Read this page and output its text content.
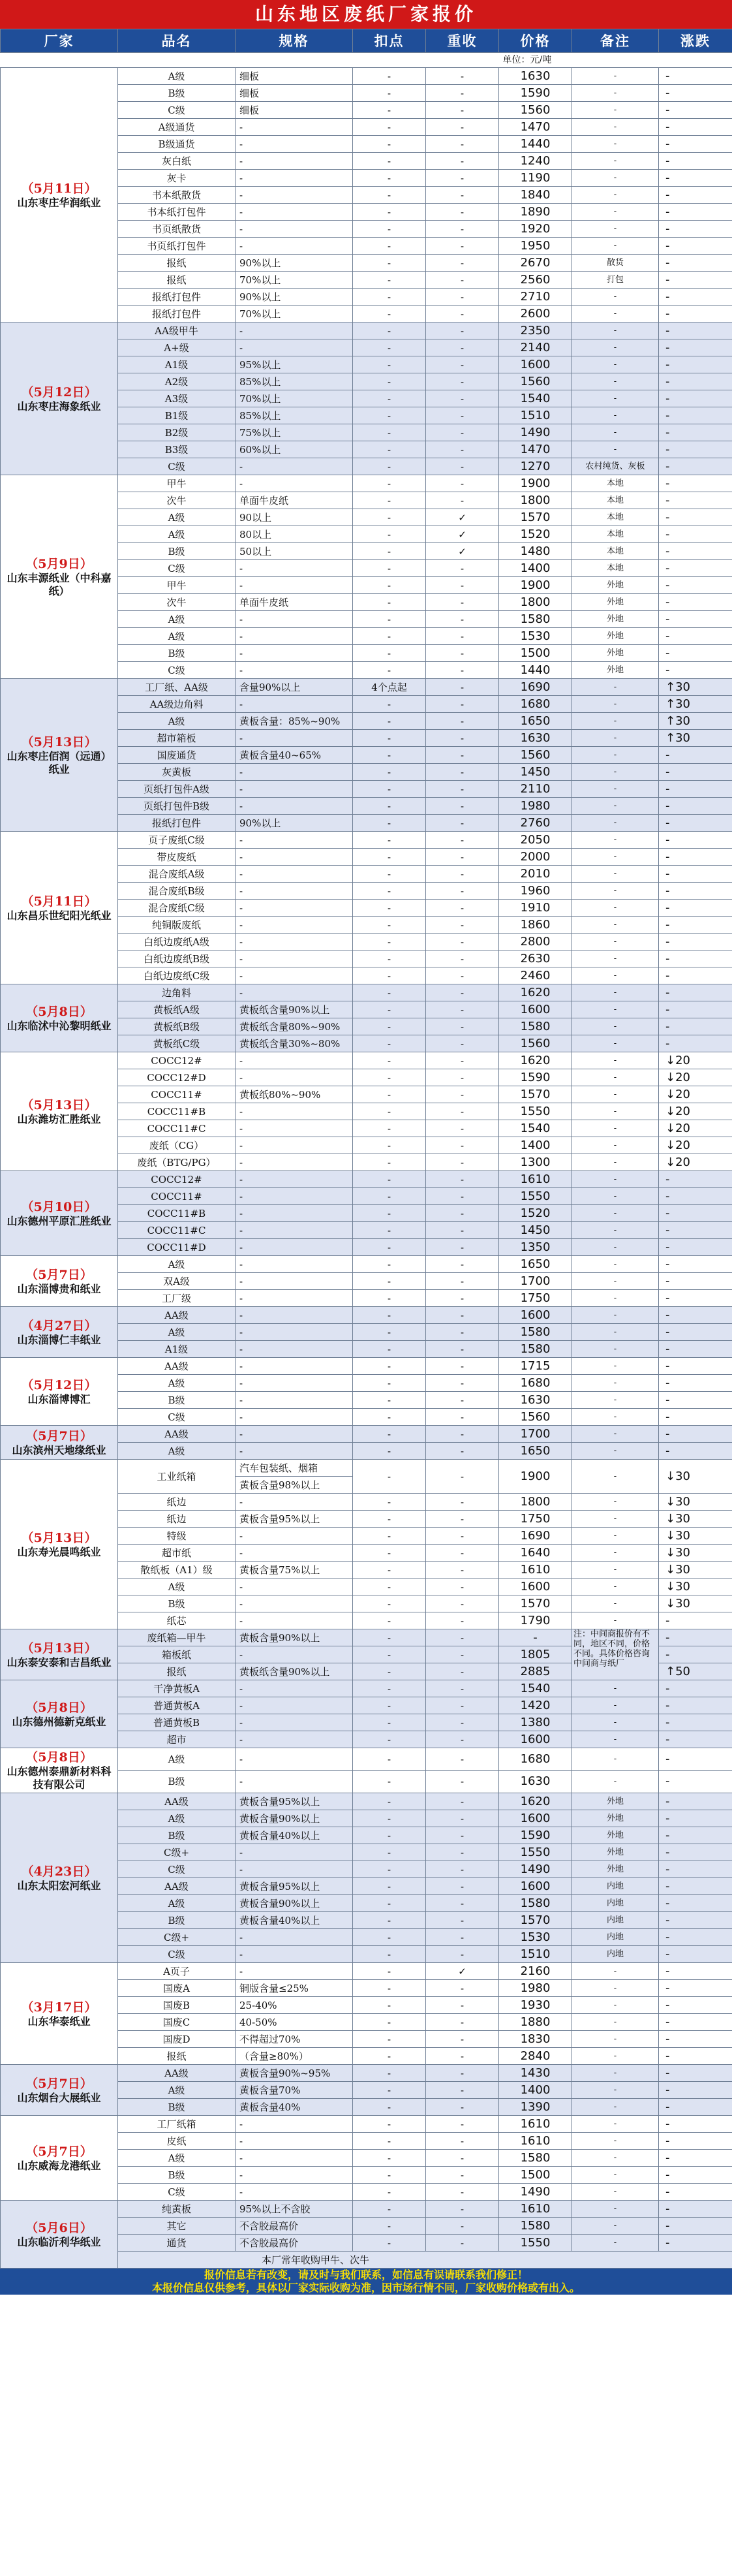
山东地区废纸厂家报价
厂家	品名	规格	扣点	重收	价格	备注	涨跌
					单位：元/吨		

（5月11日）
山东枣庄华润纸业	A级	细板	-	-	1630	-	-
	B级	细板	-	-	1590	-	-
	C级	细板	-	-	1560	-	-
	A级通货	-	-	-	1470	-	-
	B级通货	-	-	-	1440	-	-
	灰白纸	-	-	-	1240	-	-
	灰卡	-	-	-	1190	-	-
	书本纸散货	-	-	-	1840	-	-
	书本纸打包件	-	-	-	1890	-	-
	书页纸散货	-	-	-	1920	-	-
	书页纸打包件	-	-	-	1950	-	-
	报纸	90%以上	-	-	2670	散货	-
	报纸	70%以上	-	-	2560	打包	-
	报纸打包件	90%以上	-	-	2710	-	-
	报纸打包件	70%以上	-	-	2600	-	-

（5月12日）
山东枣庄海象纸业	AA级甲牛	-	-	-	2350	-	-
	A+级	-	-	-	2140	-	-
	A1级	95%以上	-	-	1600	-	-
	A2级	85%以上	-	-	1560	-	-
	A3级	70%以上	-	-	1540	-	-
	B1级	85%以上	-	-	1510	-	-
	B2级	75%以上	-	-	1490	-	-
	B3级	60%以上	-	-	1470	-	-
	C级	-	-	-	1270	农村纯货、灰板	-

（5月9日）
山东丰源纸业（中科嘉纸）	甲牛	-	-	-	1900	本地	-
	次牛	单面牛皮纸	-	-	1800	本地	-
	A级	90以上	-	✓	1570	本地	-
	A级	80以上	-	✓	1520	本地	-
	B级	50以上	-	✓	1480	本地	-
	C级	-	-	-	1400	本地	-
	甲牛	-	-	-	1900	外地	-
	次牛	单面牛皮纸	-	-	1800	外地	-
	A级	-	-	-	1580	外地	-
	A级	-	-	-	1530	外地	-
	B级	-	-	-	1500	外地	-
	C级	-	-	-	1440	外地	-

（5月13日）
山东枣庄佰润（远通）纸业	工厂纸、AA级	含量90%以上	4个点起	-	1690	-	↑30
	AA级边角料	-	-	-	1680	-	↑30
	A级	黄板含量：85%~90%	-	-	1650	-	↑30
	超市箱板	-	-	-	1630	-	↑30
	国废通货	黄板含量40~65%	-	-	1560	-	-
	灰黄板	-	-	-	1450	-	-
	页纸打包件A级	-	-	-	2110	-	-
	页纸打包件B级	-	-	-	1980	-	-
	报纸打包件	90%以上	-	-	2760	-	-

（5月11日）
山东昌乐世纪阳光纸业	页子废纸C级	-	-	-	2050	-	-
	带皮废纸	-	-	-	2000	-	-
	混合废纸A级	-	-	-	2010	-	-
	混合废纸B级	-	-	-	1960	-	-
	混合废纸C级	-	-	-	1910	-	-
	纯铜版废纸	-	-	-	1860	-	-
	白纸边废纸A级	-	-	-	2800	-	-
	白纸边废纸B级	-	-	-	2630	-	-
	白纸边废纸C级	-	-	-	2460	-	-

（5月8日）
山东临沭中沁黎明纸业	边角料	-	-	-	1620	-	-
	黄板纸A级	黄板纸含量90%以上	-	-	1600	-	-
	黄板纸B级	黄板纸含量80%~90%	-	-	1580	-	-
	黄板纸C级	黄板纸含量30%~80%	-	-	1560	-	-

（5月13日）
山东潍坊汇胜纸业	COCC12#	-	-	-	1620	-	↓20
	COCC12#D	-	-	-	1590	-	↓20
	COCC11#	黄板纸80%~90%	-	-	1570	-	↓20
	COCC11#B	-	-	-	1550	-	↓20
	COCC11#C	-	-	-	1540	-	↓20
	废纸（CG）	-	-	-	1400	-	↓20
	废纸（BTG/PG）	-	-	-	1300	-	↓20

（5月10日）
山东德州平原汇胜纸业	COCC12#	-	-	-	1610	-	-
	COCC11#	-	-	-	1550	-	-
	COCC11#B	-	-	-	1520	-	-
	COCC11#C	-	-	-	1450	-	-
	COCC11#D	-	-	-	1350	-	-

（5月7日）
山东淄博贵和纸业	A级	-	-	-	1650	-	-
	双A级	-	-	-	1700	-	-
	工厂级	-	-	-	1750	-	-

（4月27日）
山东淄博仁丰纸业	AA级	-	-	-	1600	-	-
	A级	-	-	-	1580	-	-
	A1级	-	-	-	1580	-	-

（5月12日）
山东淄博博汇	AA级	-	-	-	1715	-	-
	A级	-	-	-	1680	-	-
	B级	-	-	-	1630	-	-
	C级	-	-	-	1560	-	-

（5月7日）
山东滨州天地缘纸业	AA级	-	-	-	1700	-	-
	A级	-	-	-	1650	-	-

（5月13日）
山东寿光晨鸣纸业	工业纸箱	汽车包装纸、烟箱	-	-	1900	-	↓30
		黄板含量98%以上					
	纸边	-	-	-	1800	-	↓30
	纸边	黄板含量95%以上	-	-	1750	-	↓30
	特级	-	-	-	1690	-	↓30
	超市纸	-	-	-	1640	-	↓30
	散纸板（A1）级	黄板含量75%以上	-	-	1610	-	↓30
	A级	-	-	-	1600	-	↓30
	B级	-	-	-	1570	-	↓30
	纸芯	-	-	-	1790	-	-

（5月13日）
山东泰安泰和吉昌纸业	废纸箱—甲牛	黄板含量90%以上	-	-	-	注：中间商报价有不同，地区不同，价格不同。具体价格咨询中间商与纸厂	-
	箱板纸	-	-	-	1805		-
	报纸	黄板纸含量90%以上	-	-	2885		↑50

（5月8日）
山东德州德新克纸业	干净黄板A	-	-	-	1540	-	-
	普通黄板A	-	-	-	1420	-	-
	普通黄板B	-	-	-	1380	-	-
	超市	-	-	-	1600	-	-

（5月8日）
山东德州泰鼎新材料科技有限公司	A级	-	-	-	1680	-	-
	B级	-	-	-	1630	-	-

（4月23日）
山东太阳宏河纸业	AA级	黄板含量95%以上	-	-	1620	外地	-
	A级	黄板含量90%以上	-	-	1600	外地	-
	B级	黄板含量40%以上	-	-	1590	外地	-
	C级+	-	-	-	1550	外地	-
	C级	-	-	-	1490	外地	-
	AA级	黄板含量95%以上	-	-	1600	内地	-
	A级	黄板含量90%以上	-	-	1580	内地	-
	B级	黄板含量40%以上	-	-	1570	内地	-
	C级+	-	-	-	1530	内地	-
	C级	-	-	-	1510	内地	-

（3月17日）
山东华泰纸业	A页子	-	-	✓	2160	-	-
	国废A	铜版含量≤25%	-	-	1980	-	-
	国废B	25-40%	-	-	1930	-	-
	国废C	40-50%	-	-	1880	-	-
	国废D	不得超过70%	-	-	1830	-	-
	报纸	（含量≥80%）	-	-	2840	-	-

（5月7日）
山东烟台大展纸业	AA级	黄板含量90%~95%	-	-	1430	-	-
	A级	黄板含量70%	-	-	1400	-	-
	B级	黄板含量40%	-	-	1390	-	-

（5月7日）
山东威海龙港纸业	工厂纸箱	-	-	-	1610	-	-
	皮纸	-	-	-	1610	-	-
	A级	-	-	-	1580	-	-
	B级	-	-	-	1500	-	-
	C级	-	-	-	1490	-	-

（5月6日）
山东临沂利华纸业	纯黄板	95%以上不含胶	-	-	1610	-	-
	其它	不含胶最高价	-	-	1580	-	-
	通货	不含胶最高价	-	-	1550	-	-
	本厂常年收购甲牛、次牛						
报价信息若有改变，请及时与我们联系，如信息有误请联系我们修正！
本报价信息仅供参考，具体以厂家实际收购为准，因市场行情不同，厂家收购价格或有出入。
